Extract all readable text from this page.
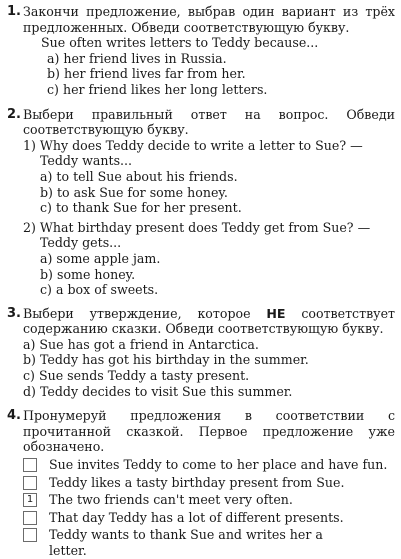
1. Закончи предложение, выбрав один вариант из трёх предложенных. Обведи соответствующую букву.
Sue often writes letters to Teddy because...
a) her friend lives in Russia.
b) her friend lives far from her.
c) her friend likes her long letters.
2. Выбери правильный ответ на вопрос. Обведи соответствующую букву.
1) Why does Teddy decide to write a letter to Sue? — Teddy wants...
a) to tell Sue about his friends.
b) to ask Sue for some honey.
c) to thank Sue for her present.
2) What birthday present does Teddy get from Sue? — Teddy gets...
a) some apple jam.
b) some honey.
c) a box of sweets.
3. Выбери утверждение, которое НЕ соответствует содержанию сказки. Обведи соответствующую букву.
a) Sue has got a friend in Antarctica.
b) Teddy has got his birthday in the summer.
c) Sue sends Teddy a tasty present.
d) Teddy decides to visit Sue this summer.
4. Пронумеруй предложения в соответствии с прочитанной сказкой. Первое предложение уже обозначено.
Sue invites Teddy to come to her place and have fun.
Teddy likes a tasty birthday present from Sue.
1	The two friends can't meet very often.
That day Teddy has a lot of different presents.
Teddy wants to thank Sue and writes her a letter.
